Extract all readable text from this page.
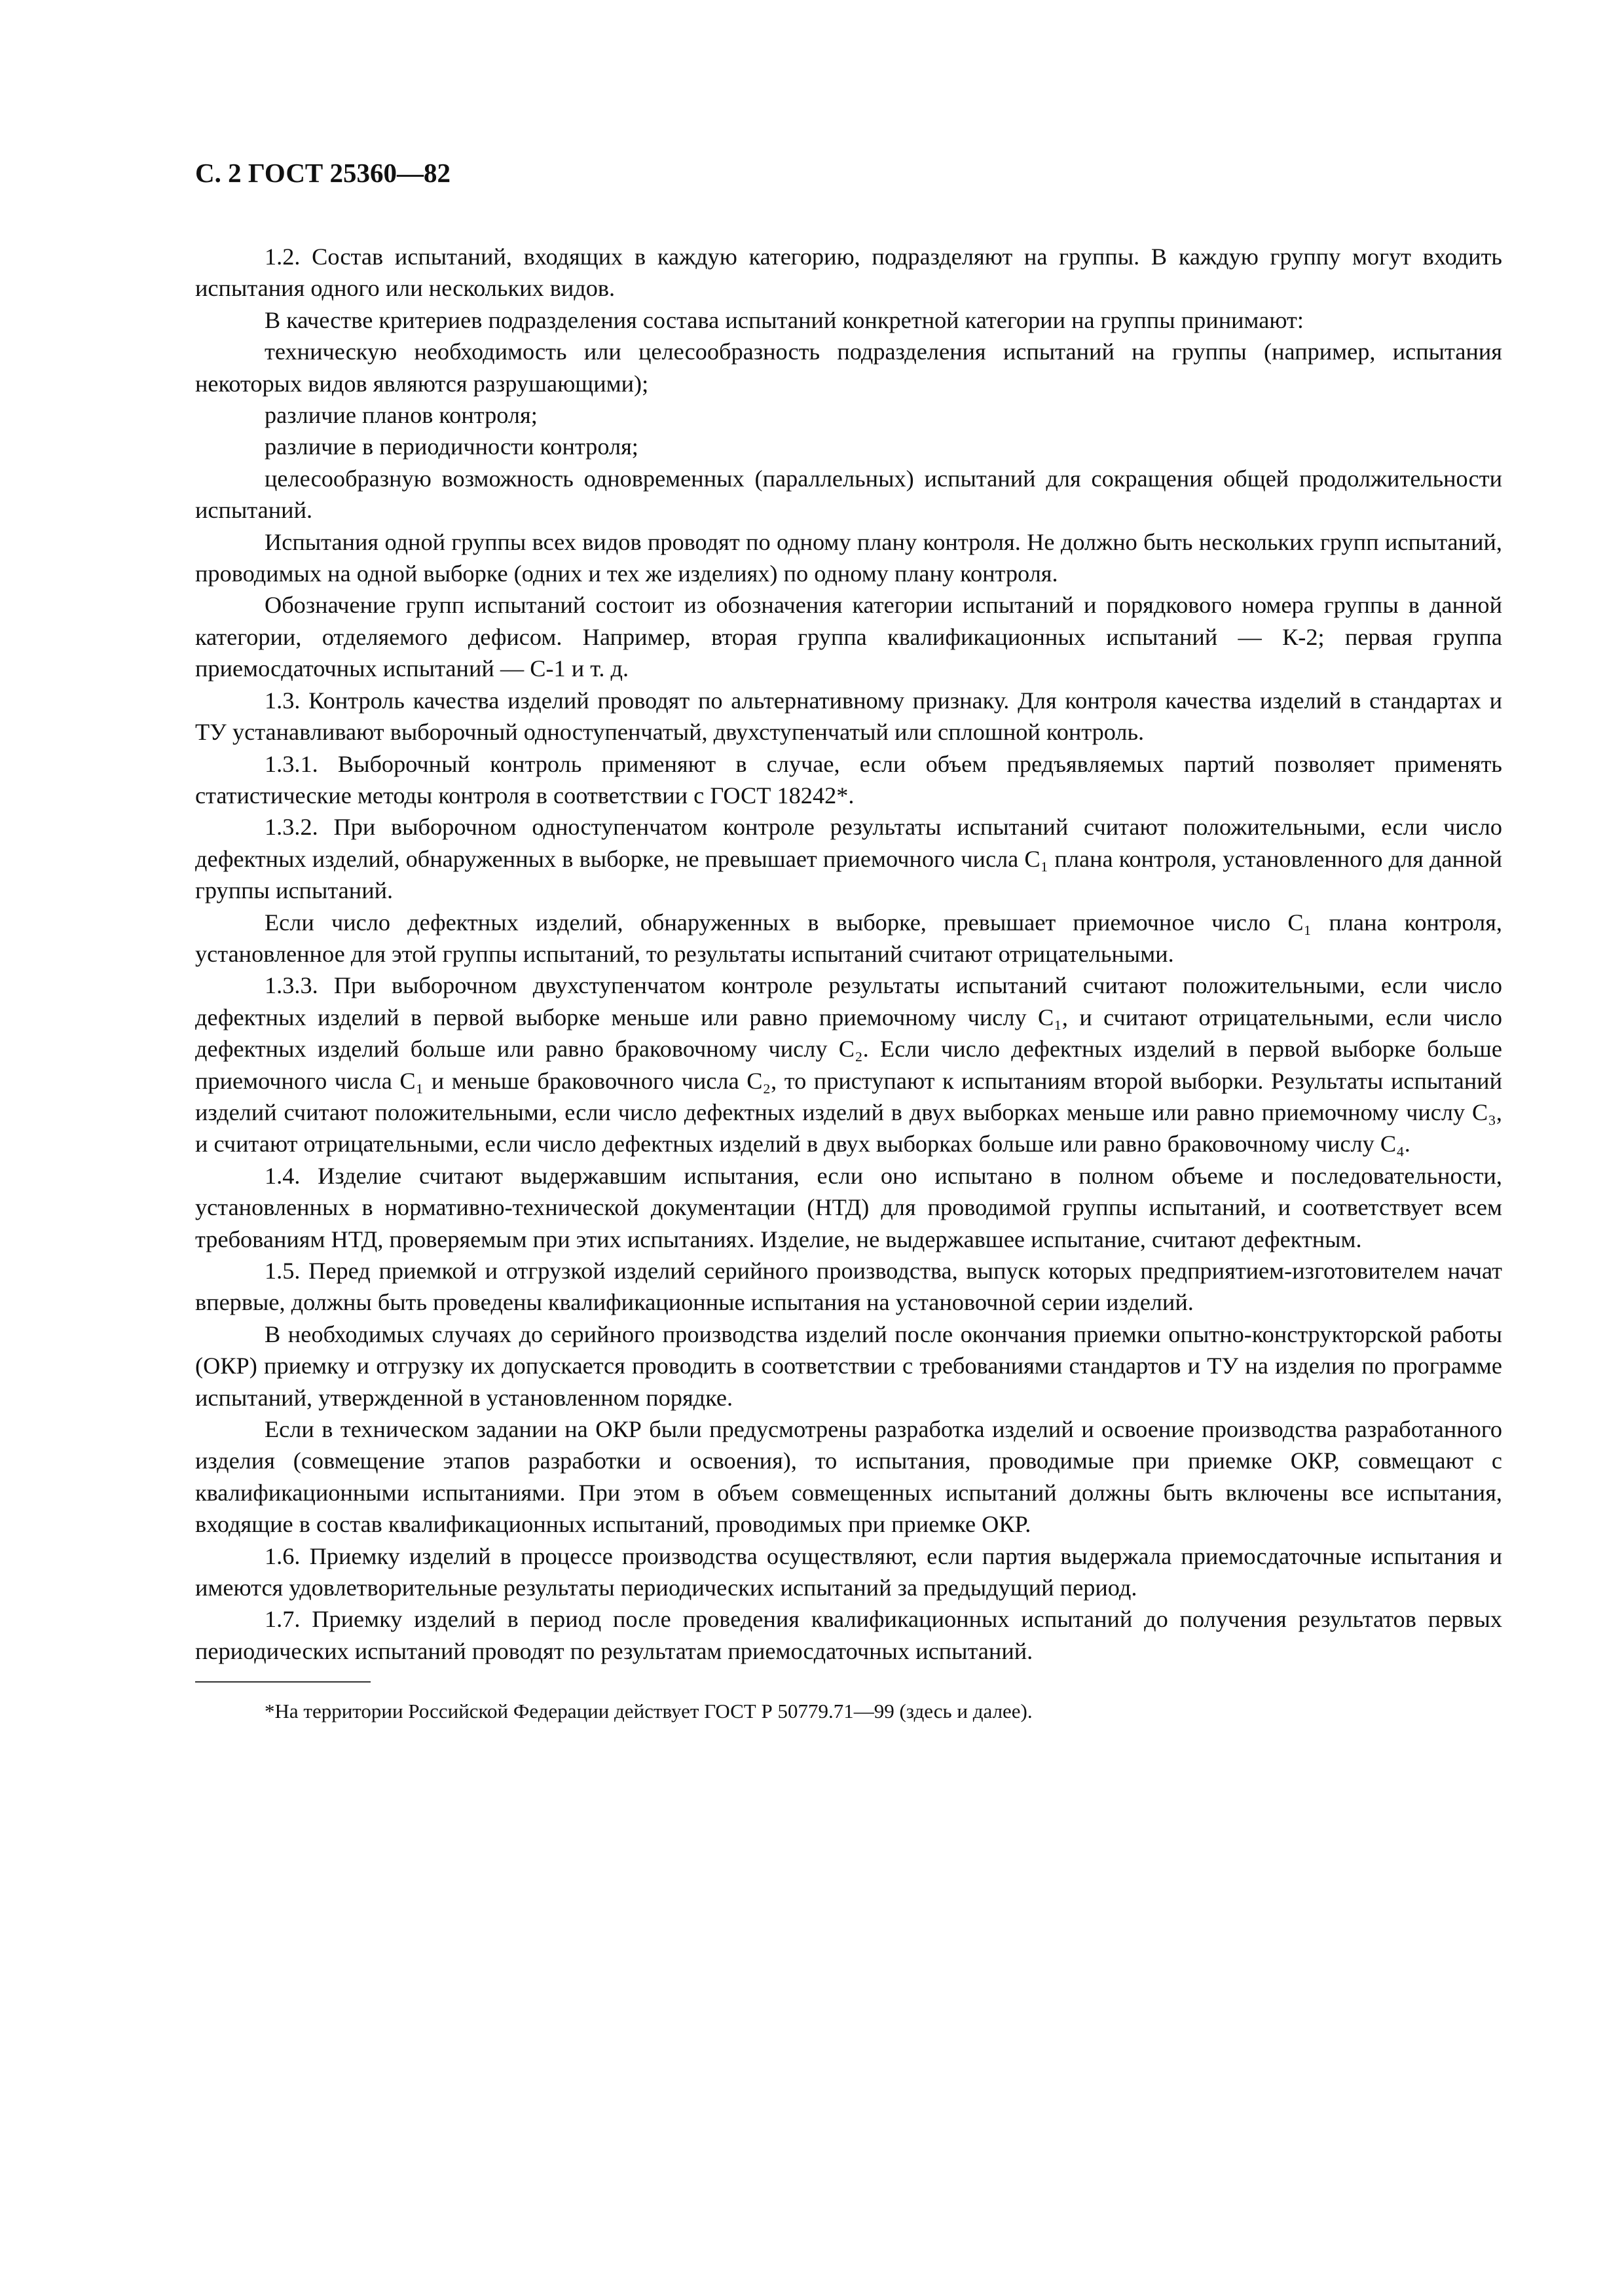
С. 2 ГОСТ 25360—82

1.2. Состав испытаний, входящих в каждую категорию, подразделяют на группы. В каждую группу могут входить испытания одного или нескольких видов.

В качестве критериев подразделения состава испытаний конкретной категории на группы принимают:

техническую необходимость или целесообразность подразделения испытаний на группы (например, испытания некоторых видов являются разрушающими);

различие планов контроля;

различие в периодичности контроля;

целесообразную возможность одновременных (параллельных) испытаний для сокращения общей продолжительности испытаний.

Испытания одной группы всех видов проводят по одному плану контроля. Не должно быть нескольких групп испытаний, проводимых на одной выборке (одних и тех же изделиях) по одному плану контроля.

Обозначение групп испытаний состоит из обозначения категории испытаний и порядкового номера группы в данной категории, отделяемого дефисом. Например, вторая группа квалификационных испытаний — К-2; первая группа приемосдаточных испытаний — С-1 и т. д.

1.3. Контроль качества изделий проводят по альтернативному признаку. Для контроля качества изделий в стандартах и ТУ устанавливают выборочный одноступенчатый, двухступенчатый или сплошной контроль.

1.3.1. Выборочный контроль применяют в случае, если объем предъявляемых партий позволяет применять статистические методы контроля в соответствии с ГОСТ 18242*.

1.3.2. При выборочном одноступенчатом контроле результаты испытаний считают положительными, если число дефектных изделий, обнаруженных в выборке, не превышает приемочного числа C₁ плана контроля, установленного для данной группы испытаний.

Если число дефектных изделий, обнаруженных в выборке, превышает приемочное число C₁ плана контроля, установленное для этой группы испытаний, то результаты испытаний считают отрицательными.

1.3.3. При выборочном двухступенчатом контроле результаты испытаний считают положительными, если число дефектных изделий в первой выборке меньше или равно приемочному числу C₁, и считают отрицательными, если число дефектных изделий больше или равно браковочному числу C₂. Если число дефектных изделий в первой выборке больше приемочного числа C₁ и меньше браковочного числа C₂, то приступают к испытаниям второй выборки. Результаты испытаний изделий считают положительными, если число дефектных изделий в двух выборках меньше или равно приемочному числу C₃, и считают отрицательными, если число дефектных изделий в двух выборках больше или равно браковочному числу C₄.

1.4. Изделие считают выдержавшим испытания, если оно испытано в полном объеме и последовательности, установленных в нормативно-технической документации (НТД) для проводимой группы испытаний, и соответствует всем требованиям НТД, проверяемым при этих испытаниях. Изделие, не выдержавшее испытание, считают дефектным.

1.5. Перед приемкой и отгрузкой изделий серийного производства, выпуск которых предприятием-изготовителем начат впервые, должны быть проведены квалификационные испытания на установочной серии изделий.

В необходимых случаях до серийного производства изделий после окончания приемки опытно-конструкторской работы (ОКР) приемку и отгрузку их допускается проводить в соответствии с требованиями стандартов и ТУ на изделия по программе испытаний, утвержденной в установленном порядке.

Если в техническом задании на ОКР были предусмотрены разработка изделий и освоение производства разработанного изделия (совмещение этапов разработки и освоения), то испытания, проводимые при приемке ОКР, совмещают с квалификационными испытаниями. При этом в объем совмещенных испытаний должны быть включены все испытания, входящие в состав квалификационных испытаний, проводимых при приемке ОКР.

1.6. Приемку изделий в процессе производства осуществляют, если партия выдержала приемосдаточные испытания и имеются удовлетворительные результаты периодических испытаний за предыдущий период.

1.7. Приемку изделий в период после проведения квалификационных испытаний до получения результатов первых периодических испытаний проводят по результатам приемосдаточных испытаний.

*На территории Российской Федерации действует ГОСТ Р 50779.71—99 (здесь и далее).
